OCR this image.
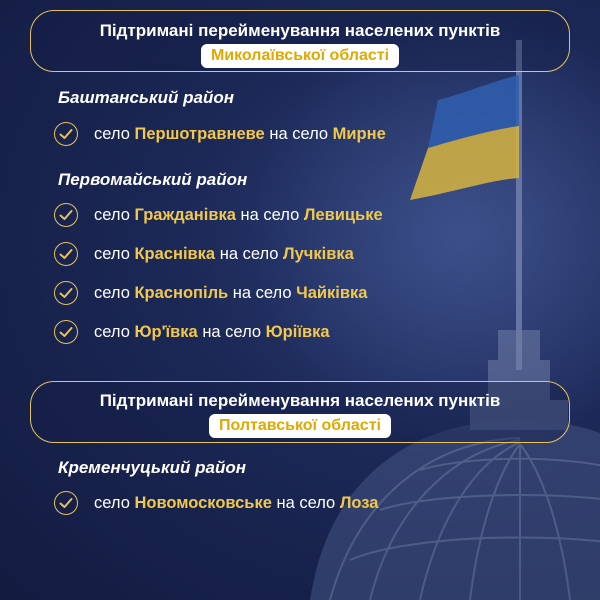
Підтримані перейменування населених пунктів
Миколаївської області
Баштанський район
село Першотравневе на село Мирне
Первомайський район
село Гражданівка на село Левицьке
село Краснівка на село Лучківка
село Краснопіль на село Чайківка
село Юр'ївка на село Юріївка
Підтримані перейменування населених пунктів
Полтавської області
Кременчуцький район
село Новомосковське на село Лоза
